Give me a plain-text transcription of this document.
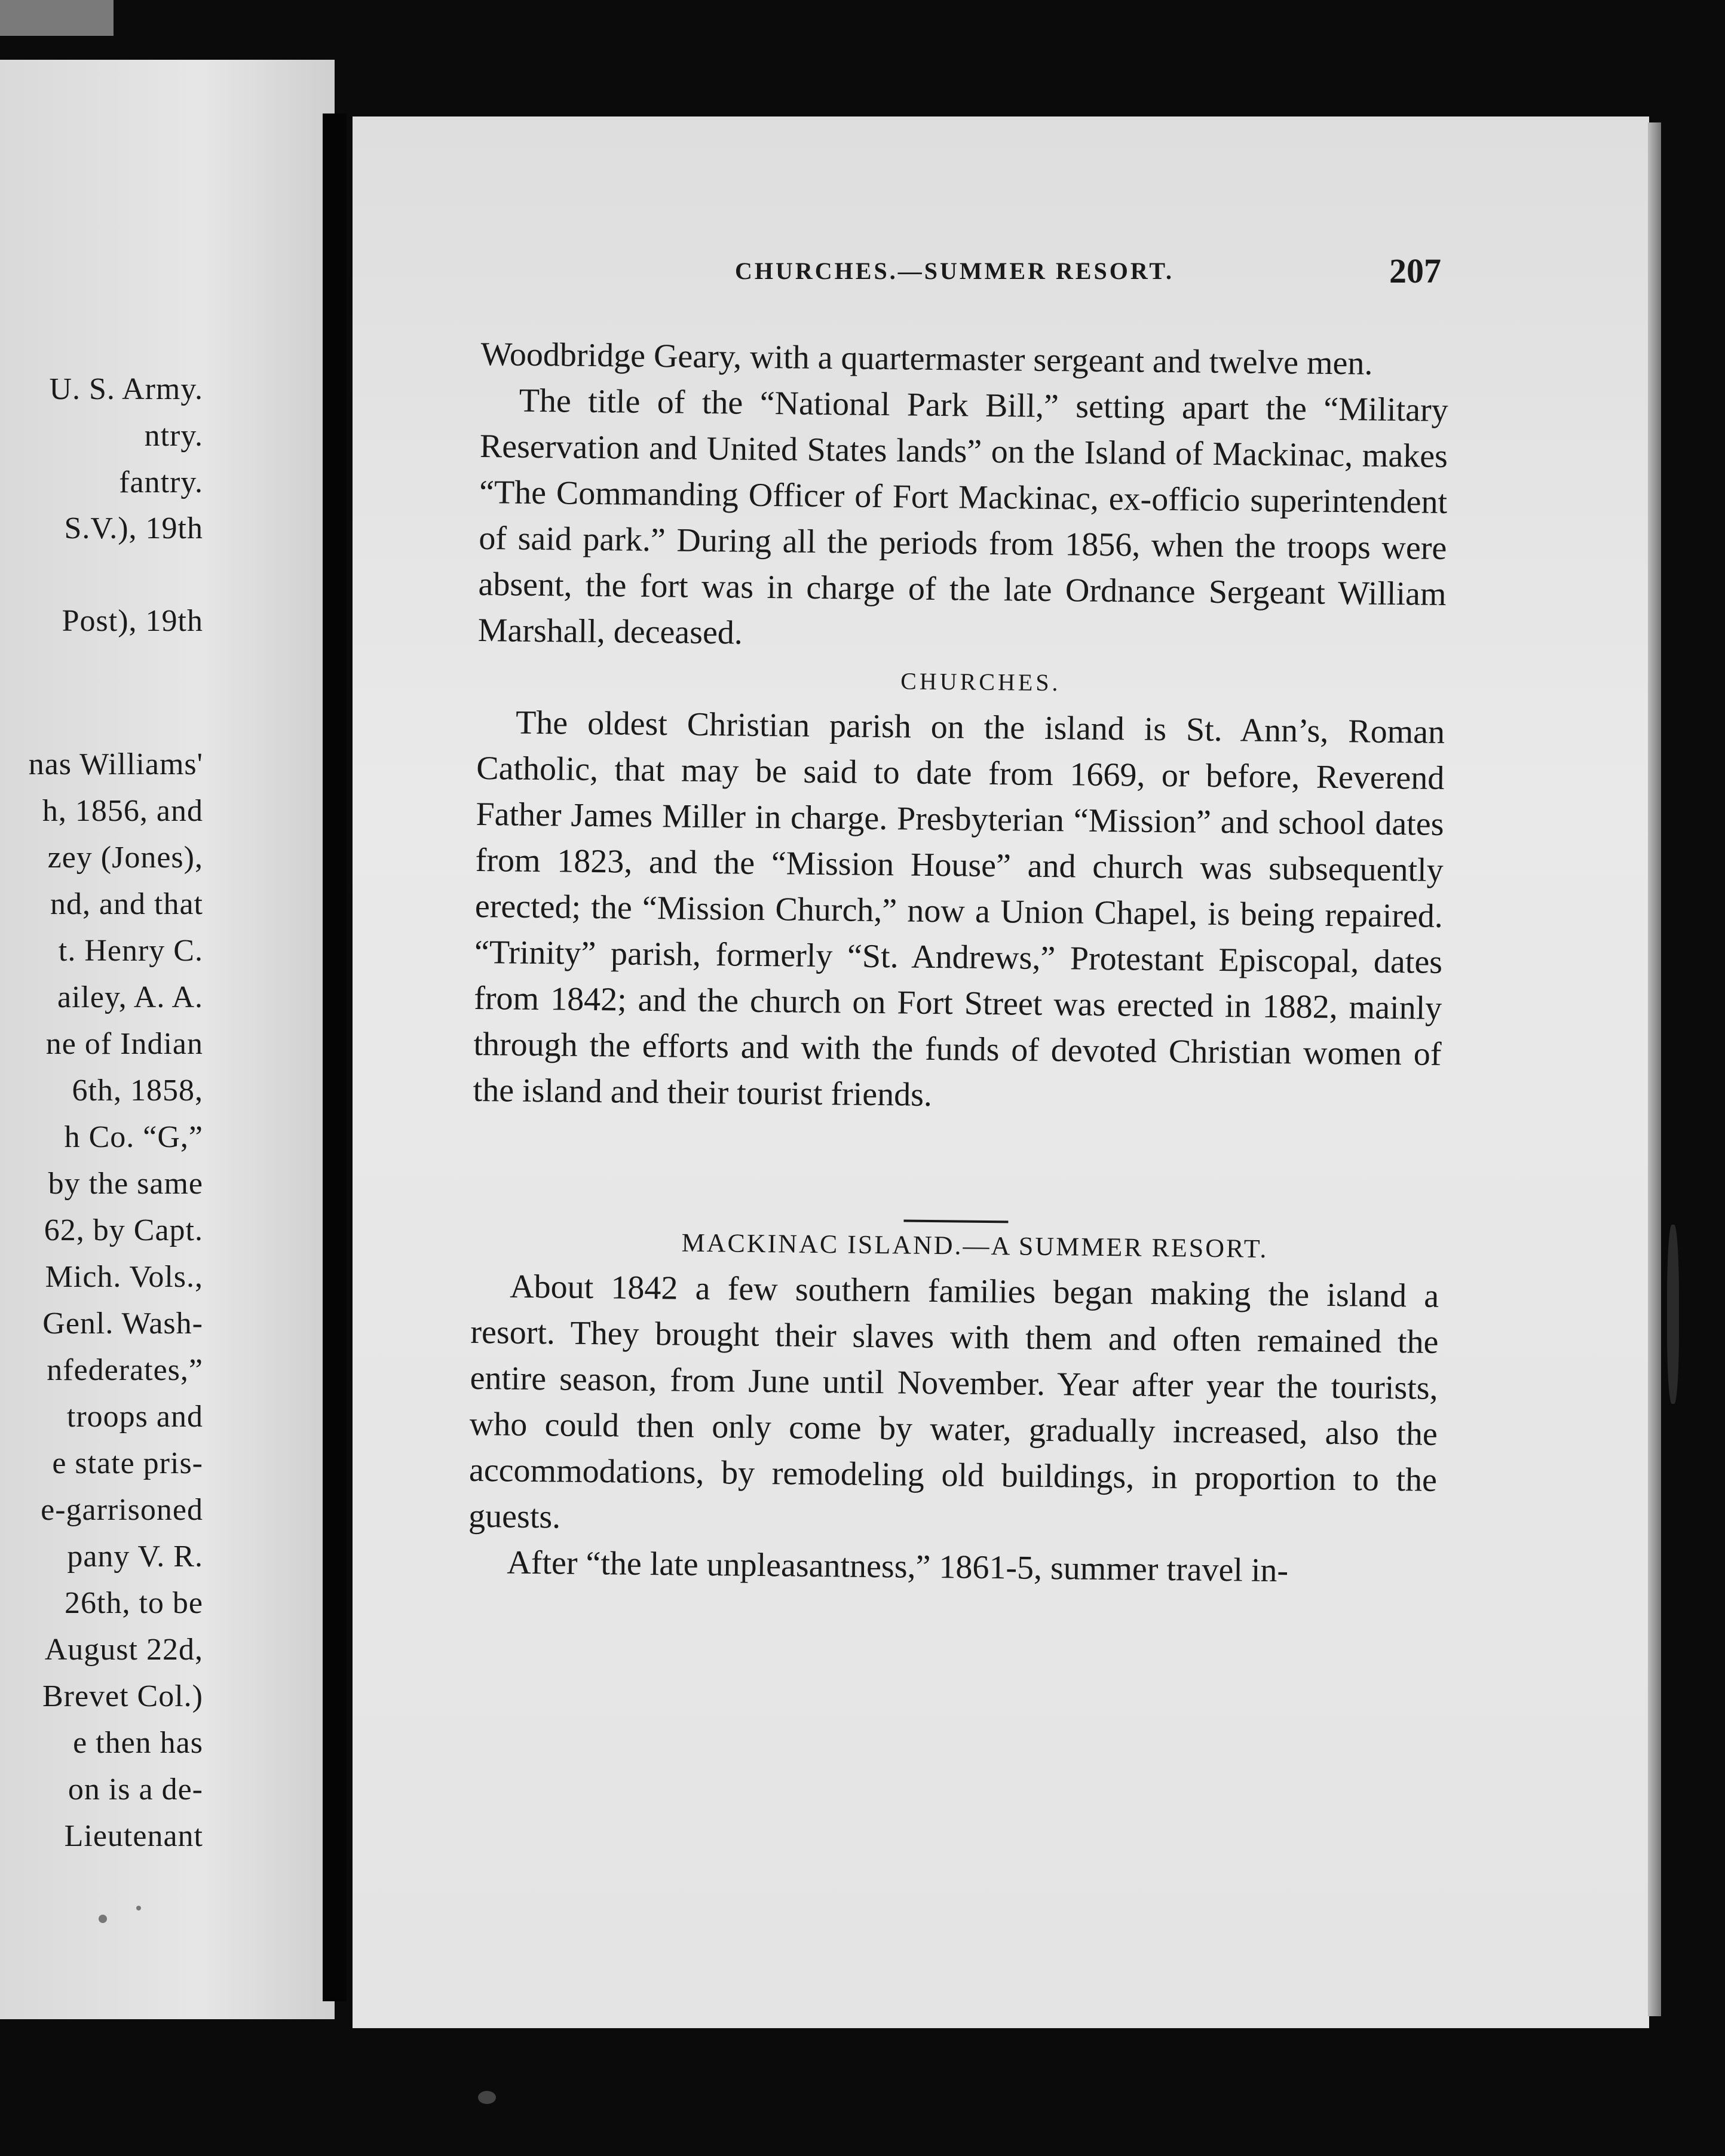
U. S. Army.
ntry.
fantry.
S.V.), 19th
Post), 19th
nas Williams'
h, 1856, and
zey (Jones),
nd, and that
t. Henry C.
ailey, A. A.
ne of Indian
6th, 1858,
h Co. “G,”
by the same
62, by Capt.
Mich. Vols.,
Genl. Wash-
nfederates,”
troops and
e state pris-
e-garrisoned
pany V. R.
26th, to be
August 22d,
Brevet Col.)
e then has
on is a de-
Lieutenant
CHURCHES.—SUMMER RESORT.	207

Woodbridge Geary, with a quartermaster sergeant and twelve men.

The title of the “National Park Bill,” setting apart the “Military Reservation and United States lands” on the Island of Mackinac, makes “The Commanding Officer of Fort Mackinac, ex-officio superintendent of said park.” During all the periods from 1856, when the troops were absent, the fort was in charge of the late Ordnance Sergeant William Marshall, deceased.

CHURCHES.

The oldest Christian parish on the island is St. Ann’s, Roman Catholic, that may be said to date from 1669, or before, Reverend Father James Miller in charge. Presbyterian “Mission” and school dates from 1823, and the “Mission House” and church was subsequently erected; the “Mission Church,” now a Union Chapel, is being repaired. “Trinity” parish, formerly “St. Andrews,” Protestant Episcopal, dates from 1842; and the church on Fort Street was erected in 1882, mainly through the efforts and with the funds of devoted Christian women of the island and their tourist friends.

MACKINAC ISLAND.—A SUMMER RESORT.

About 1842 a few southern families began making the island a resort. They brought their slaves with them and often remained the entire season, from June until November. Year after year the tourists, who could then only come by water, gradually increased, also the accommodations, by remodeling old buildings, in proportion to the guests.

After “the late unpleasantness,” 1861-5, summer travel in-
